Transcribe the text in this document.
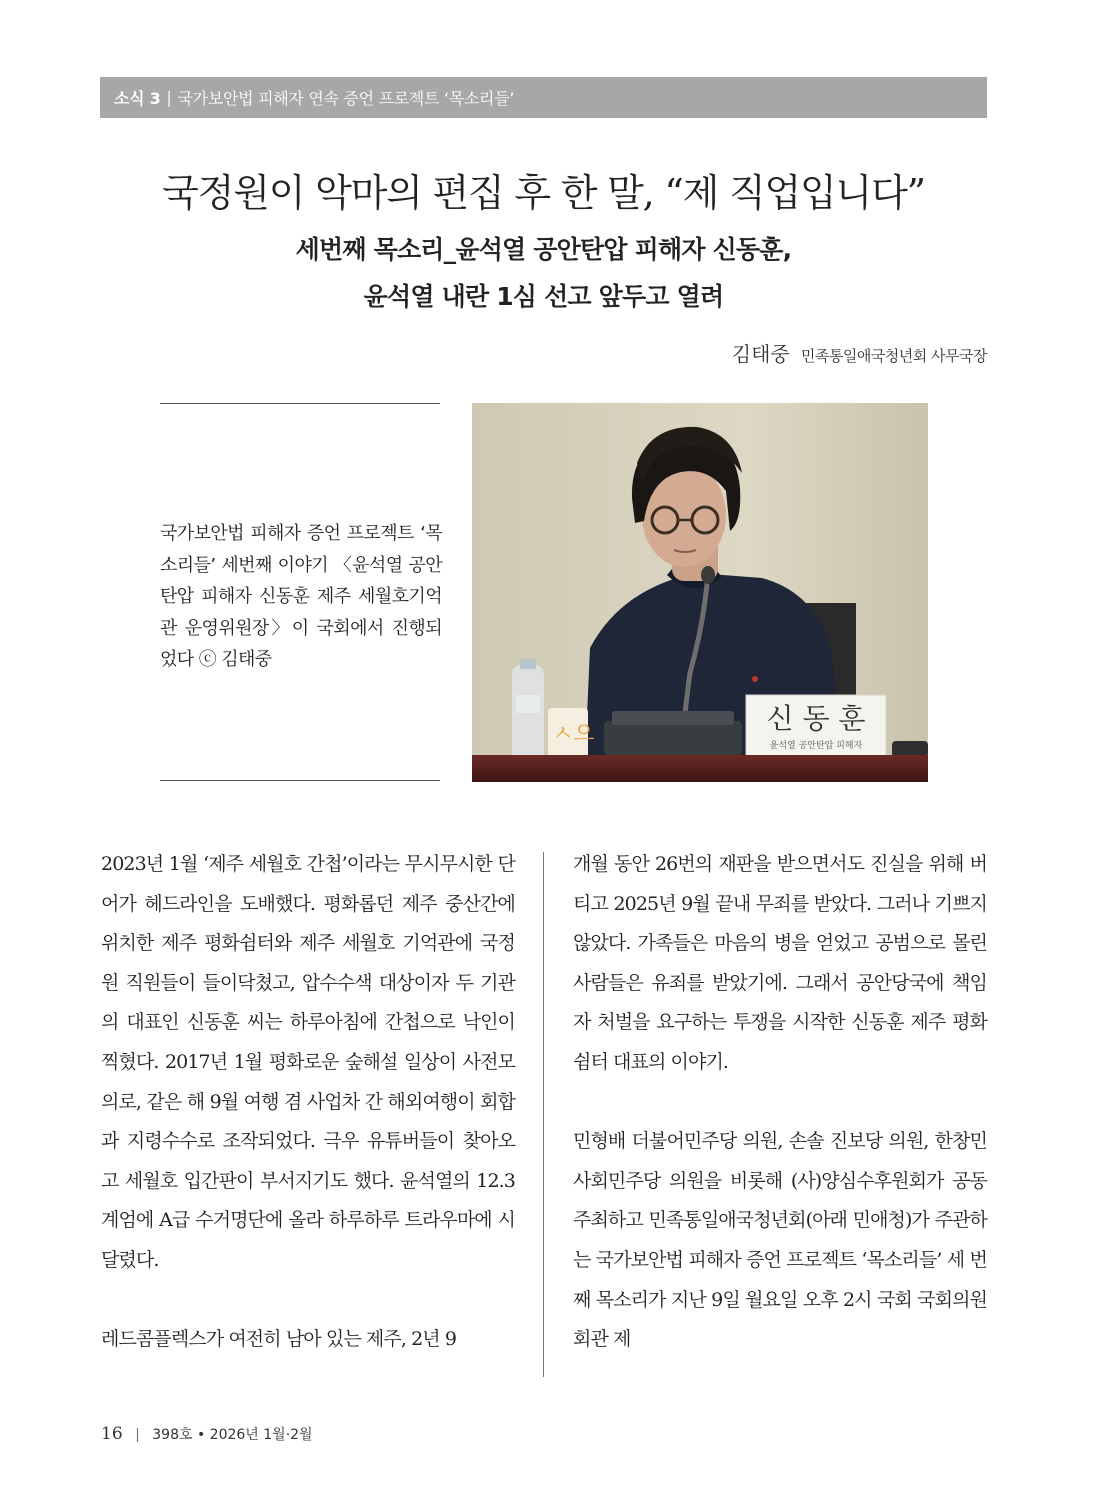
소식 3 | 국가보안법 피해자 연속 증언 프로젝트 ‘목소리들’
국정원이 악마의 편집 후 한 말, “제 직업입니다”
세번째 목소리_윤석열 공안탄압 피해자 신동훈,
윤석열 내란 1심 선고 앞두고 열려
김태중 민족통일애국청년회 사무국장
국가보안법 피해자 증언 프로젝트 ‘목소리들’ 세번째 이야기 〈윤석열 공안탄압 피해자 신동훈 제주 세월호기억관 운영위원장〉이 국회에서 진행되었다 ⓒ 김태중
ㅅ으	신 동 훈
윤석열 공안탄압 피해자

2023년 1월 ‘제주 세월호 간첩’이라는 무시무시한 단어가 헤드라인을 도배했다. 평화롭던 제주 중산간에 위치한 제주 평화쉼터와 제주 세월호 기억관에 국정원 직원들이 들이닥쳤고, 압수수색 대상이자 두 기관의 대표인 신동훈 씨는 하루아침에 간첩으로 낙인이 찍혔다. 2017년 1월 평화로운 숲해설 일상이 사전모의로, 같은 해 9월 여행 겸 사업차 간 해외여행이 회합과 지령수수로 조작되었다. 극우 유튜버들이 찾아오고 세월호 입간판이 부서지기도 했다. 윤석열의 12.3 계엄에 A급 수거명단에 올라 하루하루 트라우마에 시달렸다.

레드콤플렉스가 여전히 남아 있는 제주, 2년 9

개월 동안 26번의 재판을 받으면서도 진실을 위해 버티고 2025년 9월 끝내 무죄를 받았다. 그러나 기쁘지 않았다. 가족들은 마음의 병을 얻었고 공범으로 몰린 사람들은 유죄를 받았기에. 그래서 공안당국에 책임자 처벌을 요구하는 투쟁을 시작한 신동훈 제주 평화쉼터 대표의 이야기.

민형배 더불어민주당 의원, 손솔 진보당 의원, 한창민 사회민주당 의원을 비롯해 (사)양심수후원회가 공동 주최하고 민족통일애국청년회(아래 민애청)가 주관하는 국가보안법 피해자 증언 프로젝트 ‘목소리들’ 세 번째 목소리가 지난 9일 월요일 오후 2시 국회 국회의원회관 제

16 | 398호 • 2026년 1월·2월
